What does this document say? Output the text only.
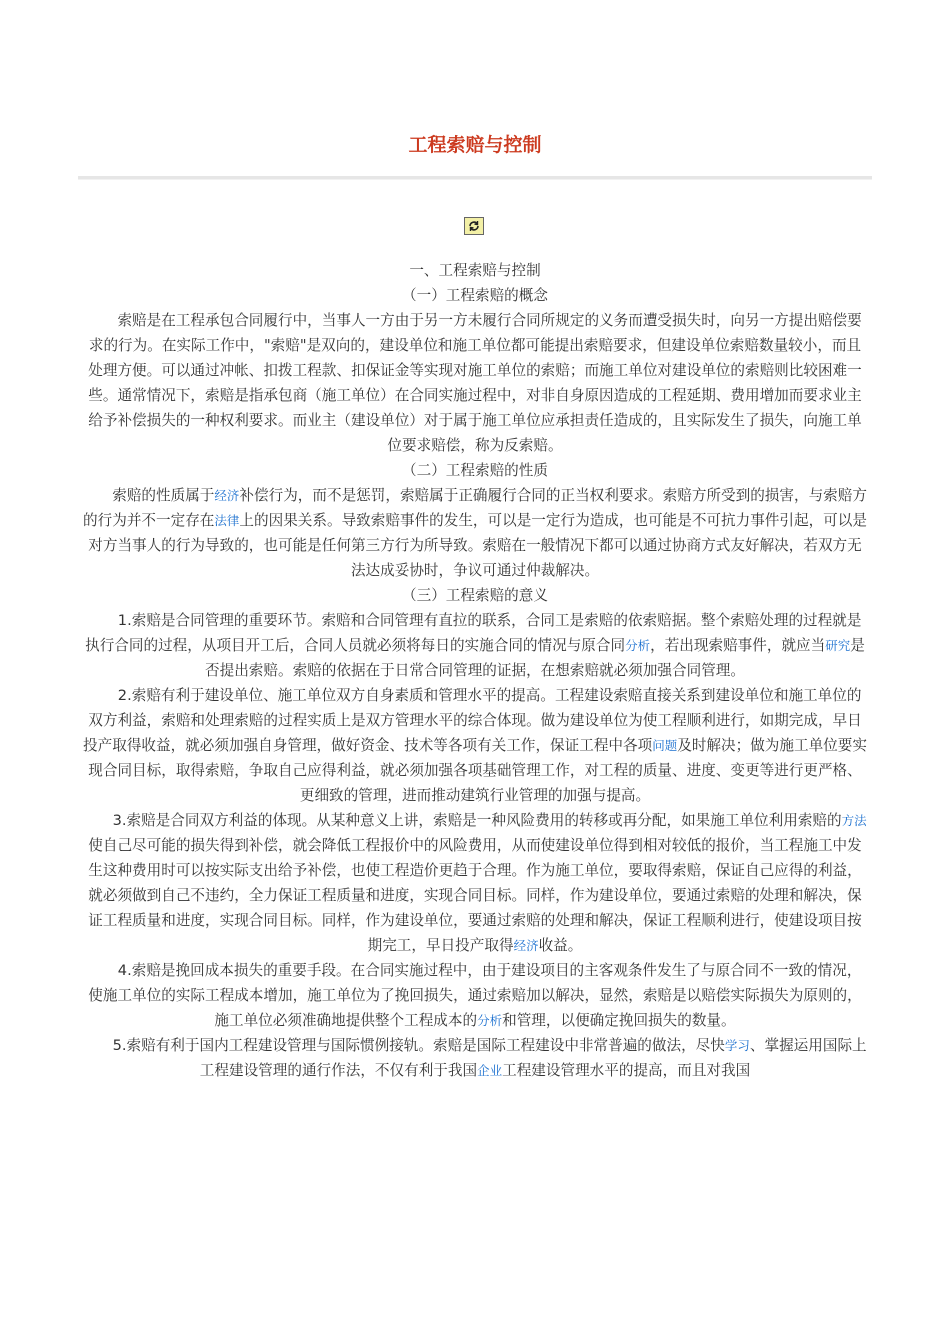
工程索赔与控制

一、工程索赔与控制

（一）工程索赔的概念

　　索赔是在工程承包合同履行中，当事人一方由于另一方未履行合同所规定的义务而遭受损失时，向另一方提出赔偿要求的行为。在实际工作中，"索赔"是双向的，建设单位和施工单位都可能提出索赔要求，但建设单位索赔数量较小，而且处理方便。可以通过冲帐、扣拨工程款、扣保证金等实现对施工单位的索赔；而施工单位对建设单位的索赔则比较困难一些。通常情况下，索赔是指承包商（施工单位）在合同实施过程中，对非自身原因造成的工程延期、费用增加而要求业主给予补偿损失的一种权利要求。而业主（建设单位）对于属于施工单位应承担责任造成的，且实际发生了损失，向施工单位要求赔偿，称为反索赔。

（二）工程索赔的性质

　　索赔的性质属于经济补偿行为，而不是惩罚，索赔属于正确履行合同的正当权利要求。索赔方所受到的损害，与索赔方的行为并不一定存在法律上的因果关系。导致索赔事件的发生，可以是一定行为造成，也可能是不可抗力事件引起，可以是对方当事人的行为导致的，也可能是任何第三方行为所导致。索赔在一般情况下都可以通过协商方式友好解决，若双方无法达成妥协时，争议可通过仲裁解决。

（三）工程索赔的意义

　　1.索赔是合同管理的重要环节。索赔和合同管理有直拉的联系，合同工是索赔的依索赔据。整个索赔处理的过程就是执行合同的过程，从项目开工后，合同人员就必须将每日的实施合同的情况与原合同分析，若出现索赔事件，就应当研究是否提出索赔。索赔的依据在于日常合同管理的证据，在想索赔就必须加强合同管理。

　　2.索赔有利于建设单位、施工单位双方自身素质和管理水平的提高。工程建设索赔直接关系到建设单位和施工单位的双方利益，索赔和处理索赔的过程实质上是双方管理水平的综合体现。做为建设单位为使工程顺利进行，如期完成，早日投产取得收益，就必须加强自身管理，做好资金、技术等各项有关工作，保证工程中各项问题及时解决；做为施工单位要实现合同目标，取得索赔，争取自己应得利益，就必须加强各项基础管理工作，对工程的质量、进度、变更等进行更严格、更细致的管理，进而推动建筑行业管理的加强与提高。

　　3.索赔是合同双方利益的体现。从某种意义上讲，索赔是一种风险费用的转移或再分配，如果施工单位利用索赔的方法使自己尽可能的损失得到补偿，就会降低工程报价中的风险费用，从而使建设单位得到相对较低的报价，当工程施工中发生这种费用时可以按实际支出给予补偿，也使工程造价更趋于合理。作为施工单位，要取得索赔，保证自己应得的利益，就必须做到自己不违约，全力保证工程质量和进度，实现合同目标。同样，作为建设单位，要通过索赔的处理和解决，保证工程质量和进度，实现合同目标。同样，作为建设单位，要通过索赔的处理和解决，保证工程顺利进行，使建设项目按期完工，早日投产取得经济收益。

　　4.索赔是挽回成本损失的重要手段。在合同实施过程中，由于建设项目的主客观条件发生了与原合同不一致的情况，使施工单位的实际工程成本增加，施工单位为了挽回损失，通过索赔加以解决，显然，索赔是以赔偿实际损失为原则的，施工单位必须准确地提供整个工程成本的分析和管理，以便确定挽回损失的数量。

　　5.索赔有利于国内工程建设管理与国际惯例接轨。索赔是国际工程建设中非常普遍的做法，尽快学习、掌握运用国际上工程建设管理的通行作法，不仅有利于我国企业工程建设管理水平的提高，而且对我国
